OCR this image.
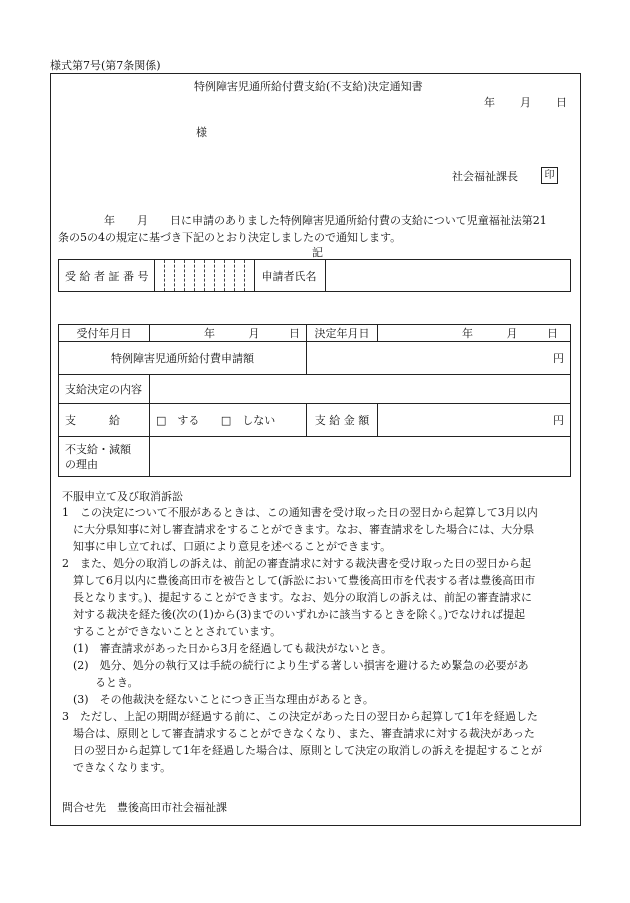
様式第7号(第7条関係)
特例障害児通所給付費支給(不支給)決定通知書
年 月 日
様
社会福祉課長	印
年　　月　　日に申請のありました特例障害児通所給付費の支給について児童福祉法第21
条の5の4の規定に基づき下記のとおり決定しましたので通知します。
記
受 給 者 証 番 号											申請者氏名	
受付年月日	年 月 日	決定年月日	年 月 日
特例障害児通所給付費申請額		円	
支給決定の内容			
支　　　給	□　する □　しない	支 給 金 額	円
不支給・減額
の理由			
不服申立て及び取消訴訟
1　この決定について不服があるときは、この通知書を受け取った日の翌日から起算して3月以内
　に大分県知事に対し審査請求をすることができます。なお、審査請求をした場合には、大分県
　知事に申し立てれば、口頭により意見を述べることができます。
2　また、処分の取消しの訴えは、前記の審査請求に対する裁決書を受け取った日の翌日から起
　算して6月以内に豊後高田市を被告として(訴訟において豊後高田市を代表する者は豊後高田市
　長となります。)、提起することができます。なお、処分の取消しの訴えは、前記の審査請求に
　対する裁決を経た後(次の(1)から(3)までのいずれかに該当するときを除く。)でなければ提起
　することができないこととされています。
　(1)　審査請求があった日から3月を経過しても裁決がないとき。
　(2)　処分、処分の執行又は手続の続行により生ずる著しい損害を避けるため緊急の必要があ
　　　るとき。
　(3)　その他裁決を経ないことにつき正当な理由があるとき。
3　ただし、上記の期間が経過する前に、この決定があった日の翌日から起算して1年を経過した
　場合は、原則として審査請求することができなくなり、また、審査請求に対する裁決があった
　日の翌日から起算して1年を経過した場合は、原則として決定の取消しの訴えを提起することが
　できなくなります。
問合せ先　豊後高田市社会福祉課
